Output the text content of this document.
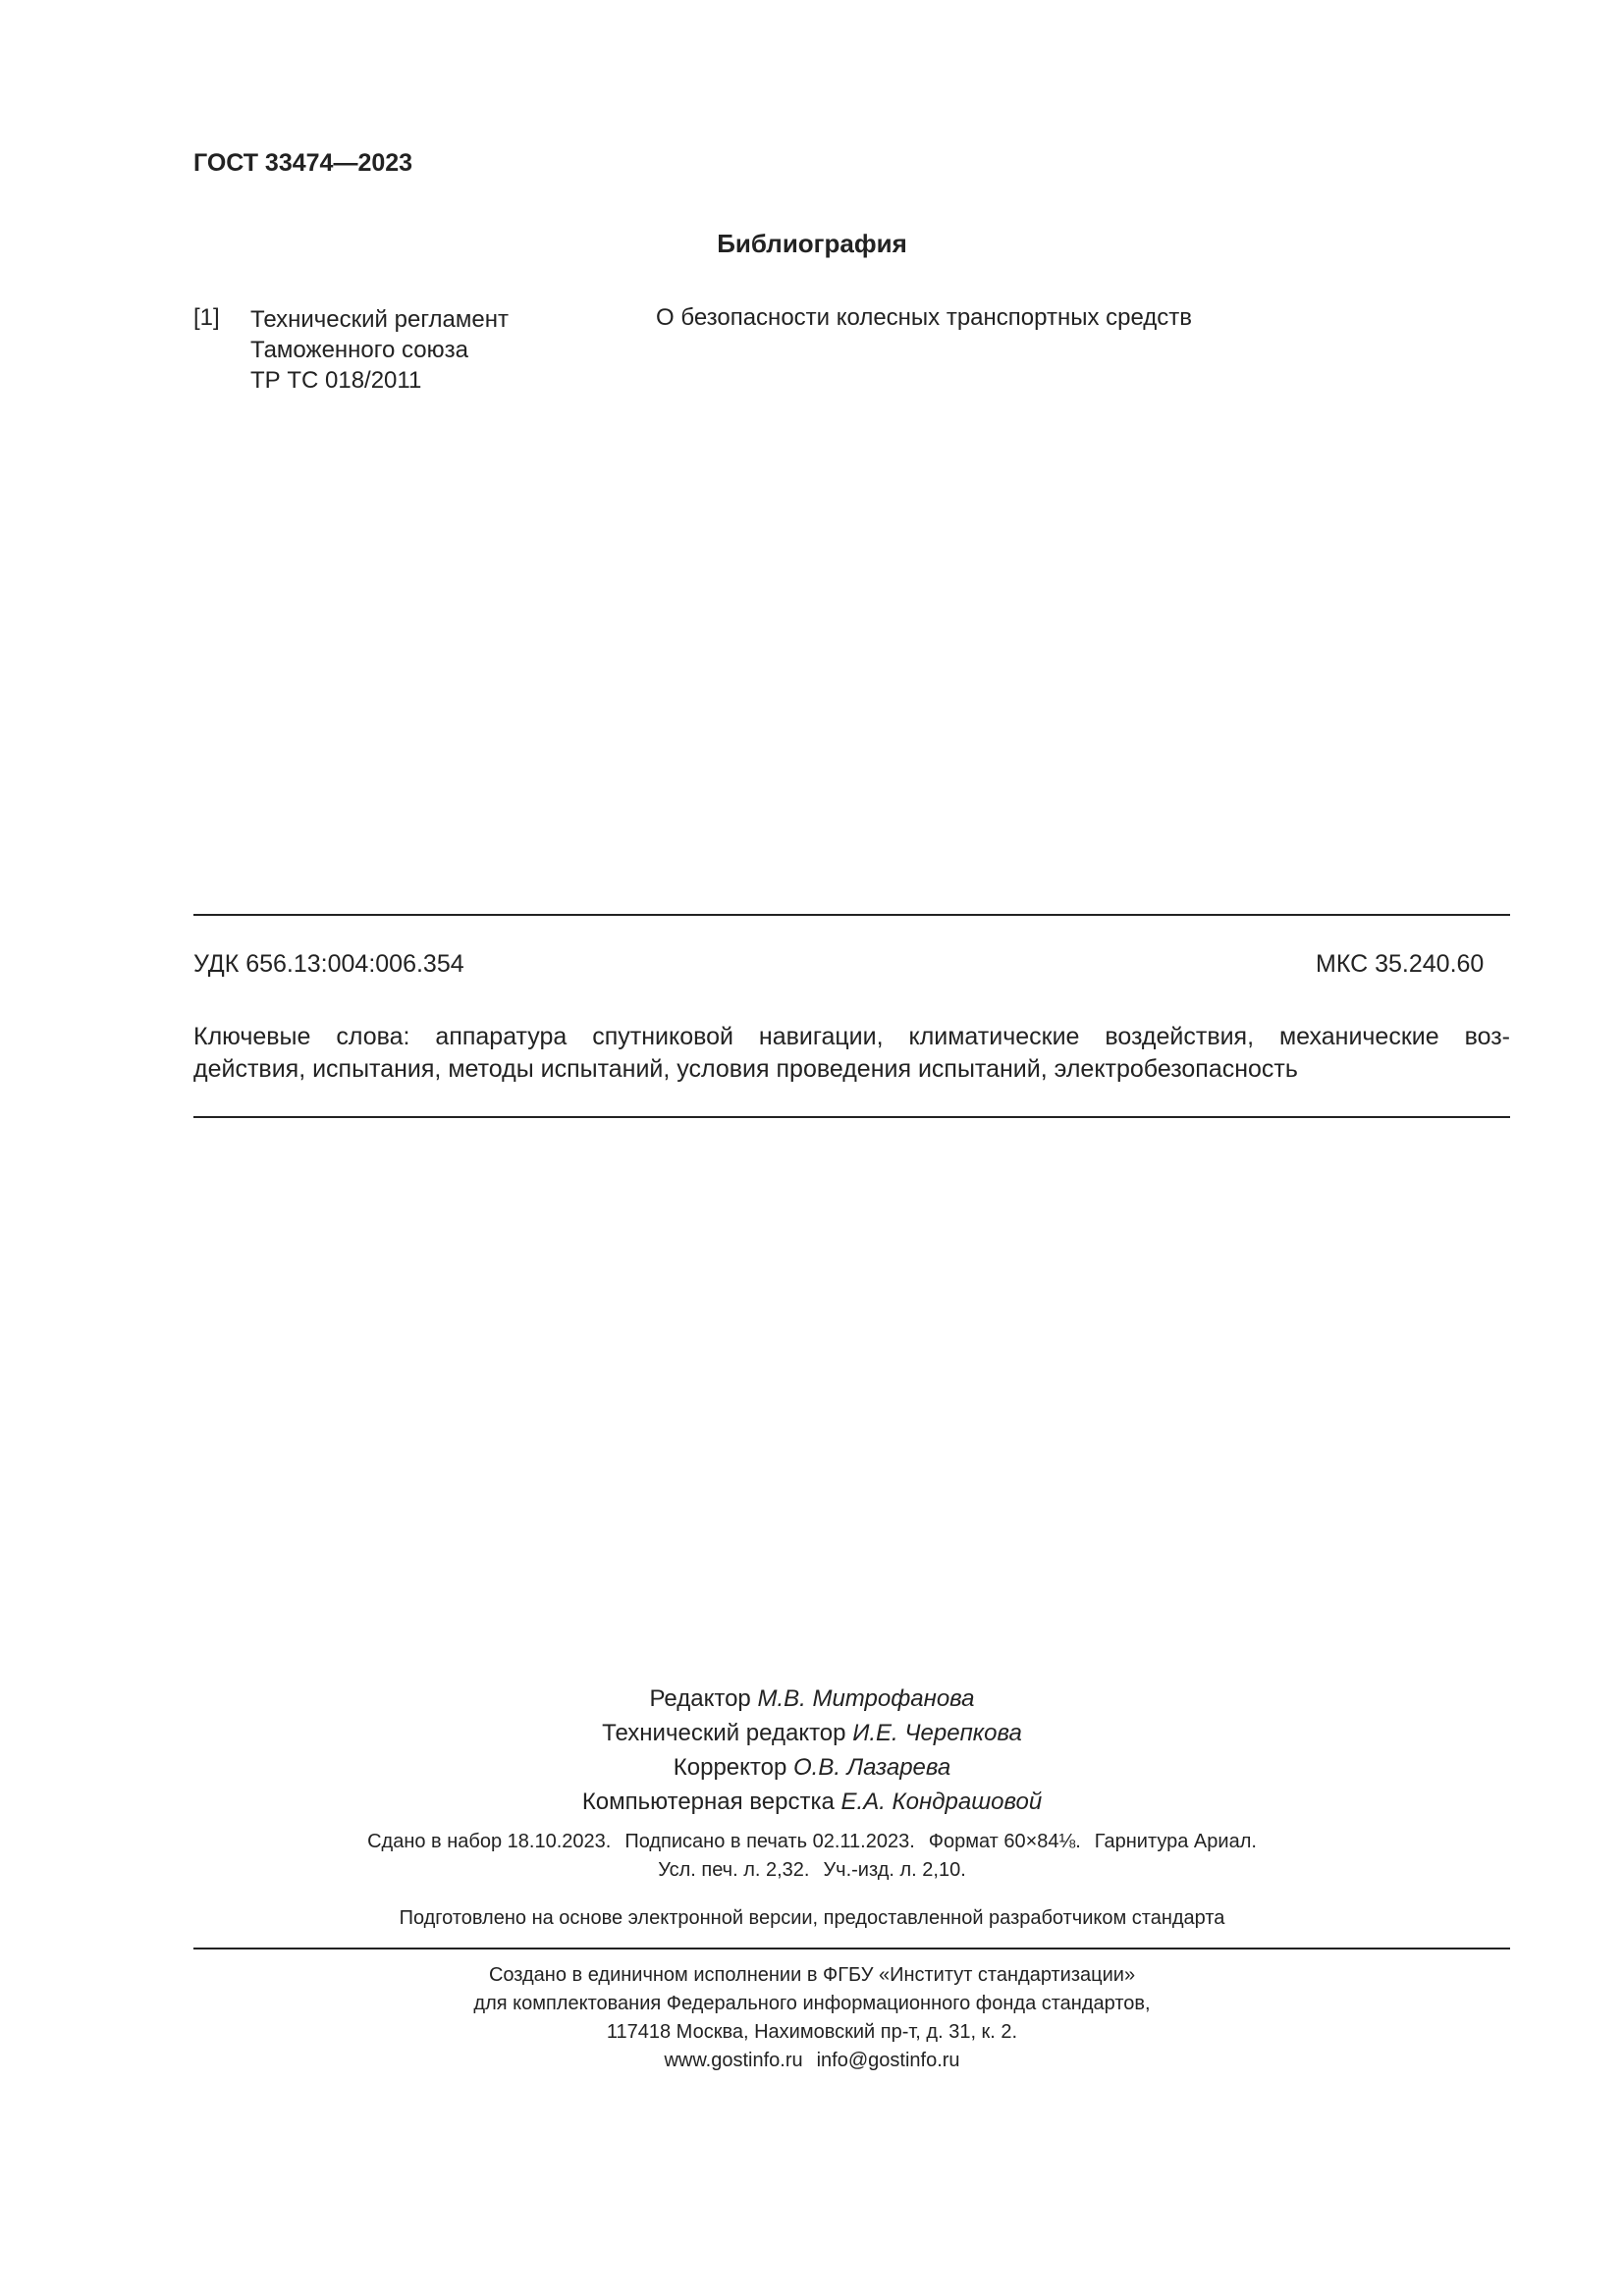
ГОСТ 33474—2023
Библиография
[1] Технический регламент
Таможенного союза
ТР ТС 018/2011
О безопасности колесных транспортных средств
УДК 656.13:004:006.354	МКС 35.240.60
Ключевые слова: аппаратура спутниковой навигации, климатические воздействия, механические воз-
действия, испытания, методы испытаний, условия проведения испытаний, электробезопасность
Редактор М.В. Митрофанова
Технический редактор И.Е. Черепкова
Корректор О.В. Лазарева
Компьютерная верстка Е.А. Кондрашовой
Сдано в набор 18.10.2023. Подписано в печать 02.11.2023. Формат 60×84⅛. Гарнитура Ариал.
Усл. печ. л. 2,32. Уч.-изд. л. 2,10.
Подготовлено на основе электронной версии, предоставленной разработчиком стандарта
Создано в единичном исполнении в ФГБУ «Институт стандартизации»
для комплектования Федерального информационного фонда стандартов,
117418 Москва, Нахимовский пр-т, д. 31, к. 2.
www.gostinfo.ru info@gostinfo.ru
